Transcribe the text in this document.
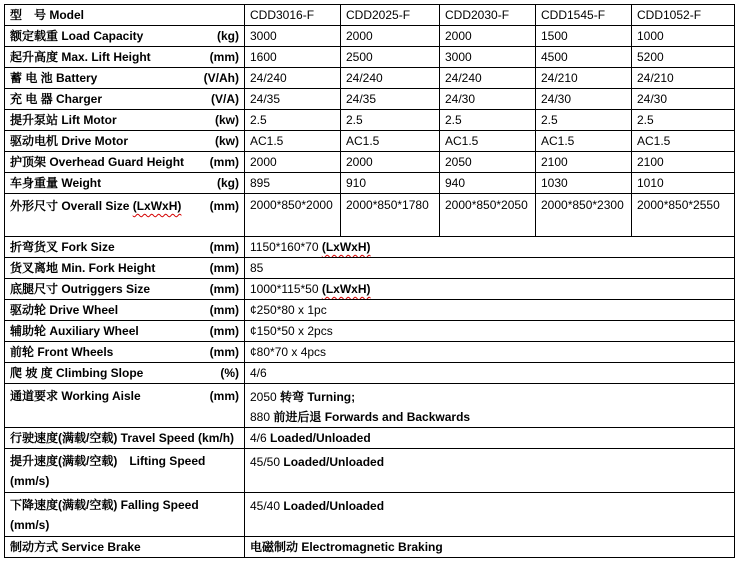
型　号 Model	CDD3016-F	CDD2025-F	CDD2030-F	CDD1545-F	CDD1052-F

额定载重 Load Capacity (kg)	3000	2000	2000	1500	1000

起升高度 Max. Lift Height (mm)	1600	2500	3000	4500	5200

蓄 电 池 Battery (V/Ah)	24/240	24/240	24/240	24/210	24/210

充 电 器 Charger (V/A)	24/35	24/35	24/30	24/30	24/30

提升泵站 Lift Motor (kw)	2.5	2.5	2.5	2.5	2.5

驱动电机 Drive Motor (kw)	AC1.5	AC1.5	AC1.5	AC1.5	AC1.5

护顶架 Overhead Guard Height (mm)	2000	2000	2050	2100	2100

车身重量 Weight (kg)	895	910	940	1030	1010

外形尺寸 Overall Size (LxWxH) (mm)	2000*850*2000	2000*850*1780	2000*850*2050	2000*850*2300	2000*850*2550

折弯货叉 Fork Size (mm)	1150*160*70 (LxWxH)				

货叉离地 Min. Fork Height (mm)	85				

底腿尺寸 Outriggers Size (mm)	1000*115*50 (LxWxH)				

驱动轮 Drive Wheel (mm)	¢250*80 x 1pc				

辅助轮 Auxiliary Wheel (mm)	¢150*50 x 2pcs				

前轮 Front Wheels (mm)	¢80*70 x 4pcs				

爬 坡 度 Climbing Slope (%)	4/6				

通道要求 Working Aisle	(mm)	2050 转弯 Turning;
880 前进后退 Forwards and Backwards

行驶速度(满载/空载) Travel Speed (km/h)	4/6 Loaded/Unloaded				

提升速度(满载/空载)　Lifting Speed
(mm/s)	45/50 Loaded/Unloaded				

下降速度(满载/空载) Falling Speed
(mm/s)	45/40 Loaded/Unloaded				

制动方式 Service Brake	电磁制动 Electromagnetic Braking				
